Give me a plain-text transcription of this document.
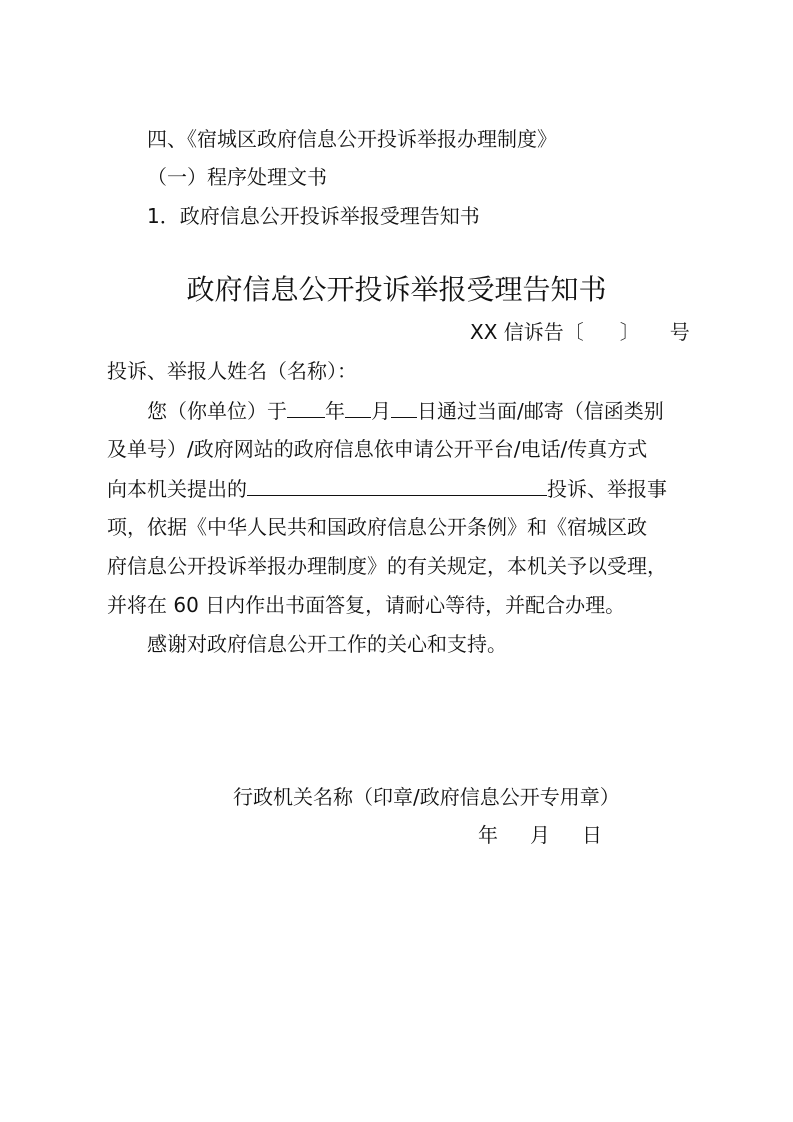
四、《宿城区政府信息公开投诉举报办理制度》
（一）程序处理文书
1．政府信息公开投诉举报受理告知书
政府信息公开投诉举报受理告知书
XX 信诉告〔 〕 号
投诉、举报人姓名（名称）：
您（你单位）于 年 月 日通过当面/邮寄（信函类别
及单号）/政府网站的政府信息依申请公开平台/电话/传真方式
向本机关提出的	投诉、举报事
项，依据《中华人民共和国政府信息公开条例》和《宿城区政
府信息公开投诉举报办理制度》的有关规定，本机关予以受理，
并将在 60 日内作出书面答复，请耐心等待，并配合办理。
感谢对政府信息公开工作的关心和支持。
行政机关名称（印章/政府信息公开专用章）
年 月 日
